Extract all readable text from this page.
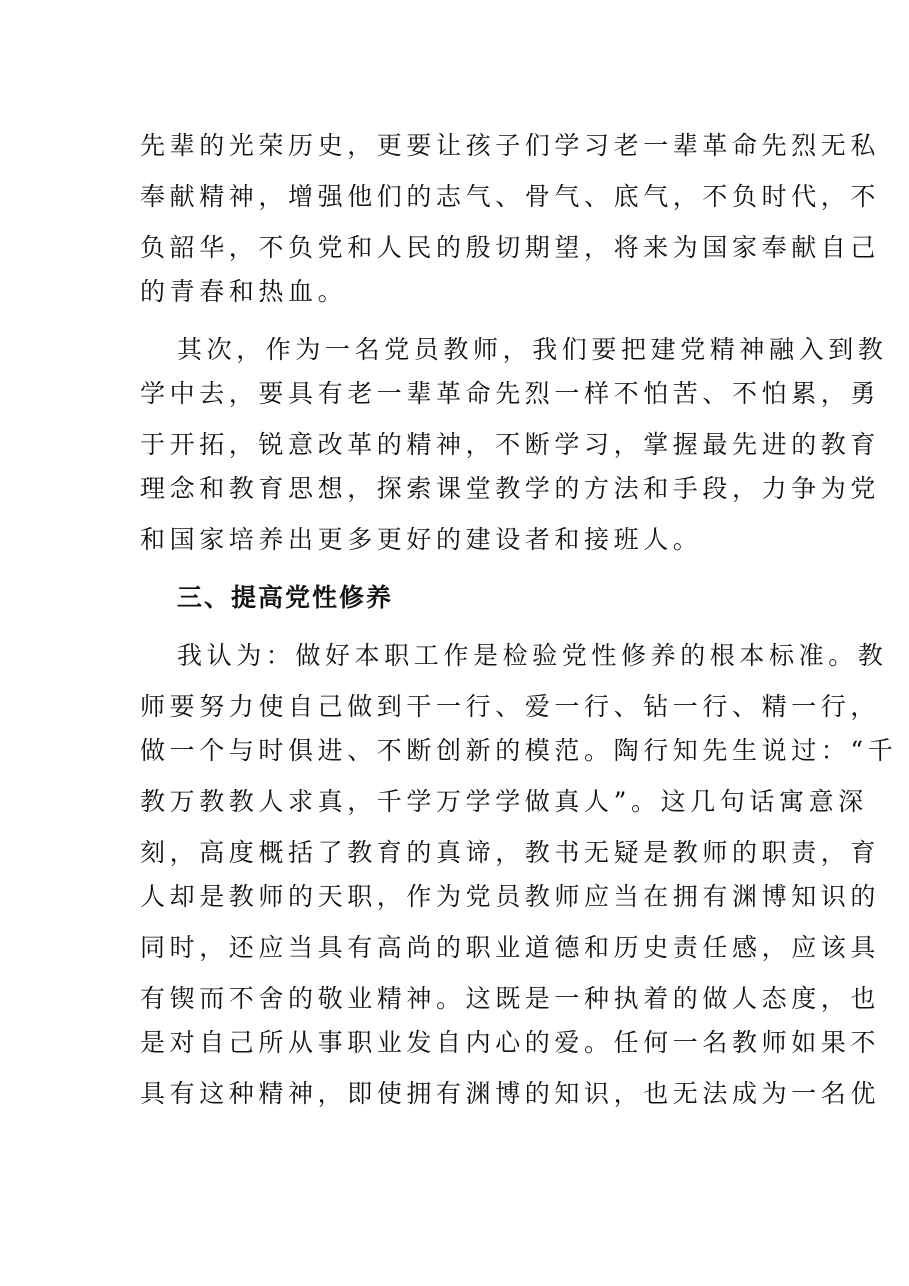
先辈的光荣历史，更要让孩子们学习老一辈革命先烈无私
奉献精神，增强他们的志气、骨气、底气，不负时代，不
负韶华，不负党和人民的殷切期望，将来为国家奉献自己
的青春和热血。
其次，作为一名党员教师，我们要把建党精神融入到教
学中去，要具有老一辈革命先烈一样不怕苦、不怕累，勇
于开拓，锐意改革的精神，不断学习，掌握最先进的教育
理念和教育思想，探索课堂教学的方法和手段，力争为党
和国家培养出更多更好的建设者和接班人。
三、提高党性修养
我认为：做好本职工作是检验党性修养的根本标准。教
师要努力使自己做到干一行、爱一行、钻一行、精一行，
做一个与时俱进、不断创新的模范。陶行知先生说过：“千
教万教教人求真，千学万学学做真人”。这几句话寓意深
刻，高度概括了教育的真谛，教书无疑是教师的职责，育
人却是教师的天职，作为党员教师应当在拥有渊博知识的
同时，还应当具有高尚的职业道德和历史责任感，应该具
有锲而不舍的敬业精神。这既是一种执着的做人态度，也
是对自己所从事职业发自内心的爱。任何一名教师如果不
具有这种精神，即使拥有渊博的知识，也无法成为一名优
